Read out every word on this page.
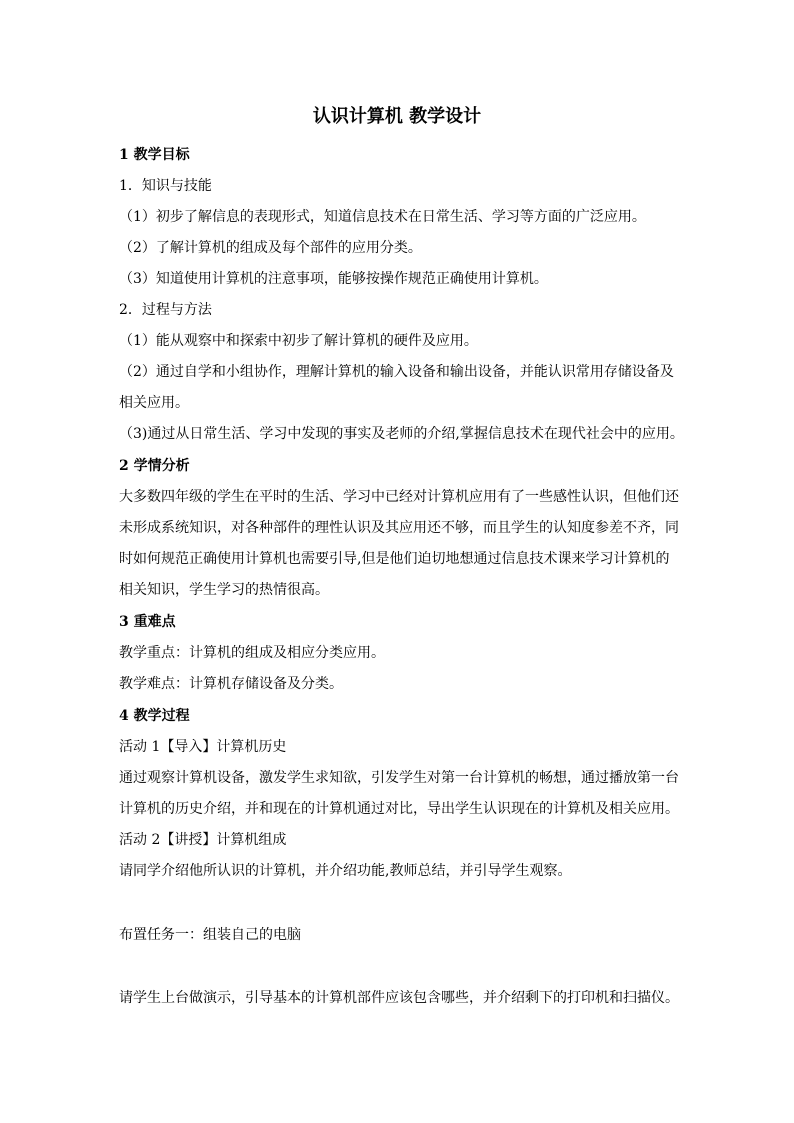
认识计算机 教学设计
1 教学目标
1．知识与技能
（1）初步了解信息的表现形式，知道信息技术在日常生活、学习等方面的广泛应用。
（2）了解计算机的组成及每个部件的应用分类。
（3）知道使用计算机的注意事项，能够按操作规范正确使用计算机。
2．过程与方法
（1）能从观察中和探索中初步了解计算机的硬件及应用。
（2）通过自学和小组协作，理解计算机的输入设备和输出设备，并能认识常用存储设备及
相关应用。
（3)通过从日常生活、学习中发现的事实及老师的介绍,掌握信息技术在现代社会中的应用。
2 学情分析
大多数四年级的学生在平时的生活、学习中已经对计算机应用有了一些感性认识，但他们还
未形成系统知识，对各种部件的理性认识及其应用还不够，而且学生的认知度参差不齐，同
时如何规范正确使用计算机也需要引导,但是他们迫切地想通过信息技术课来学习计算机的
相关知识，学生学习的热情很高。
3 重难点
教学重点：计算机的组成及相应分类应用。
教学难点：计算机存储设备及分类。
4 教学过程
活动 1【导入】计算机历史
通过观察计算机设备，激发学生求知欲，引发学生对第一台计算机的畅想，通过播放第一台
计算机的历史介绍，并和现在的计算机通过对比，导出学生认识现在的计算机及相关应用。
活动 2【讲授】计算机组成
请同学介绍他所认识的计算机，并介绍功能,教师总结，并引导学生观察。
布置任务一：组装自己的电脑
请学生上台做演示，引导基本的计算机部件应该包含哪些，并介绍剩下的打印机和扫描仪。
